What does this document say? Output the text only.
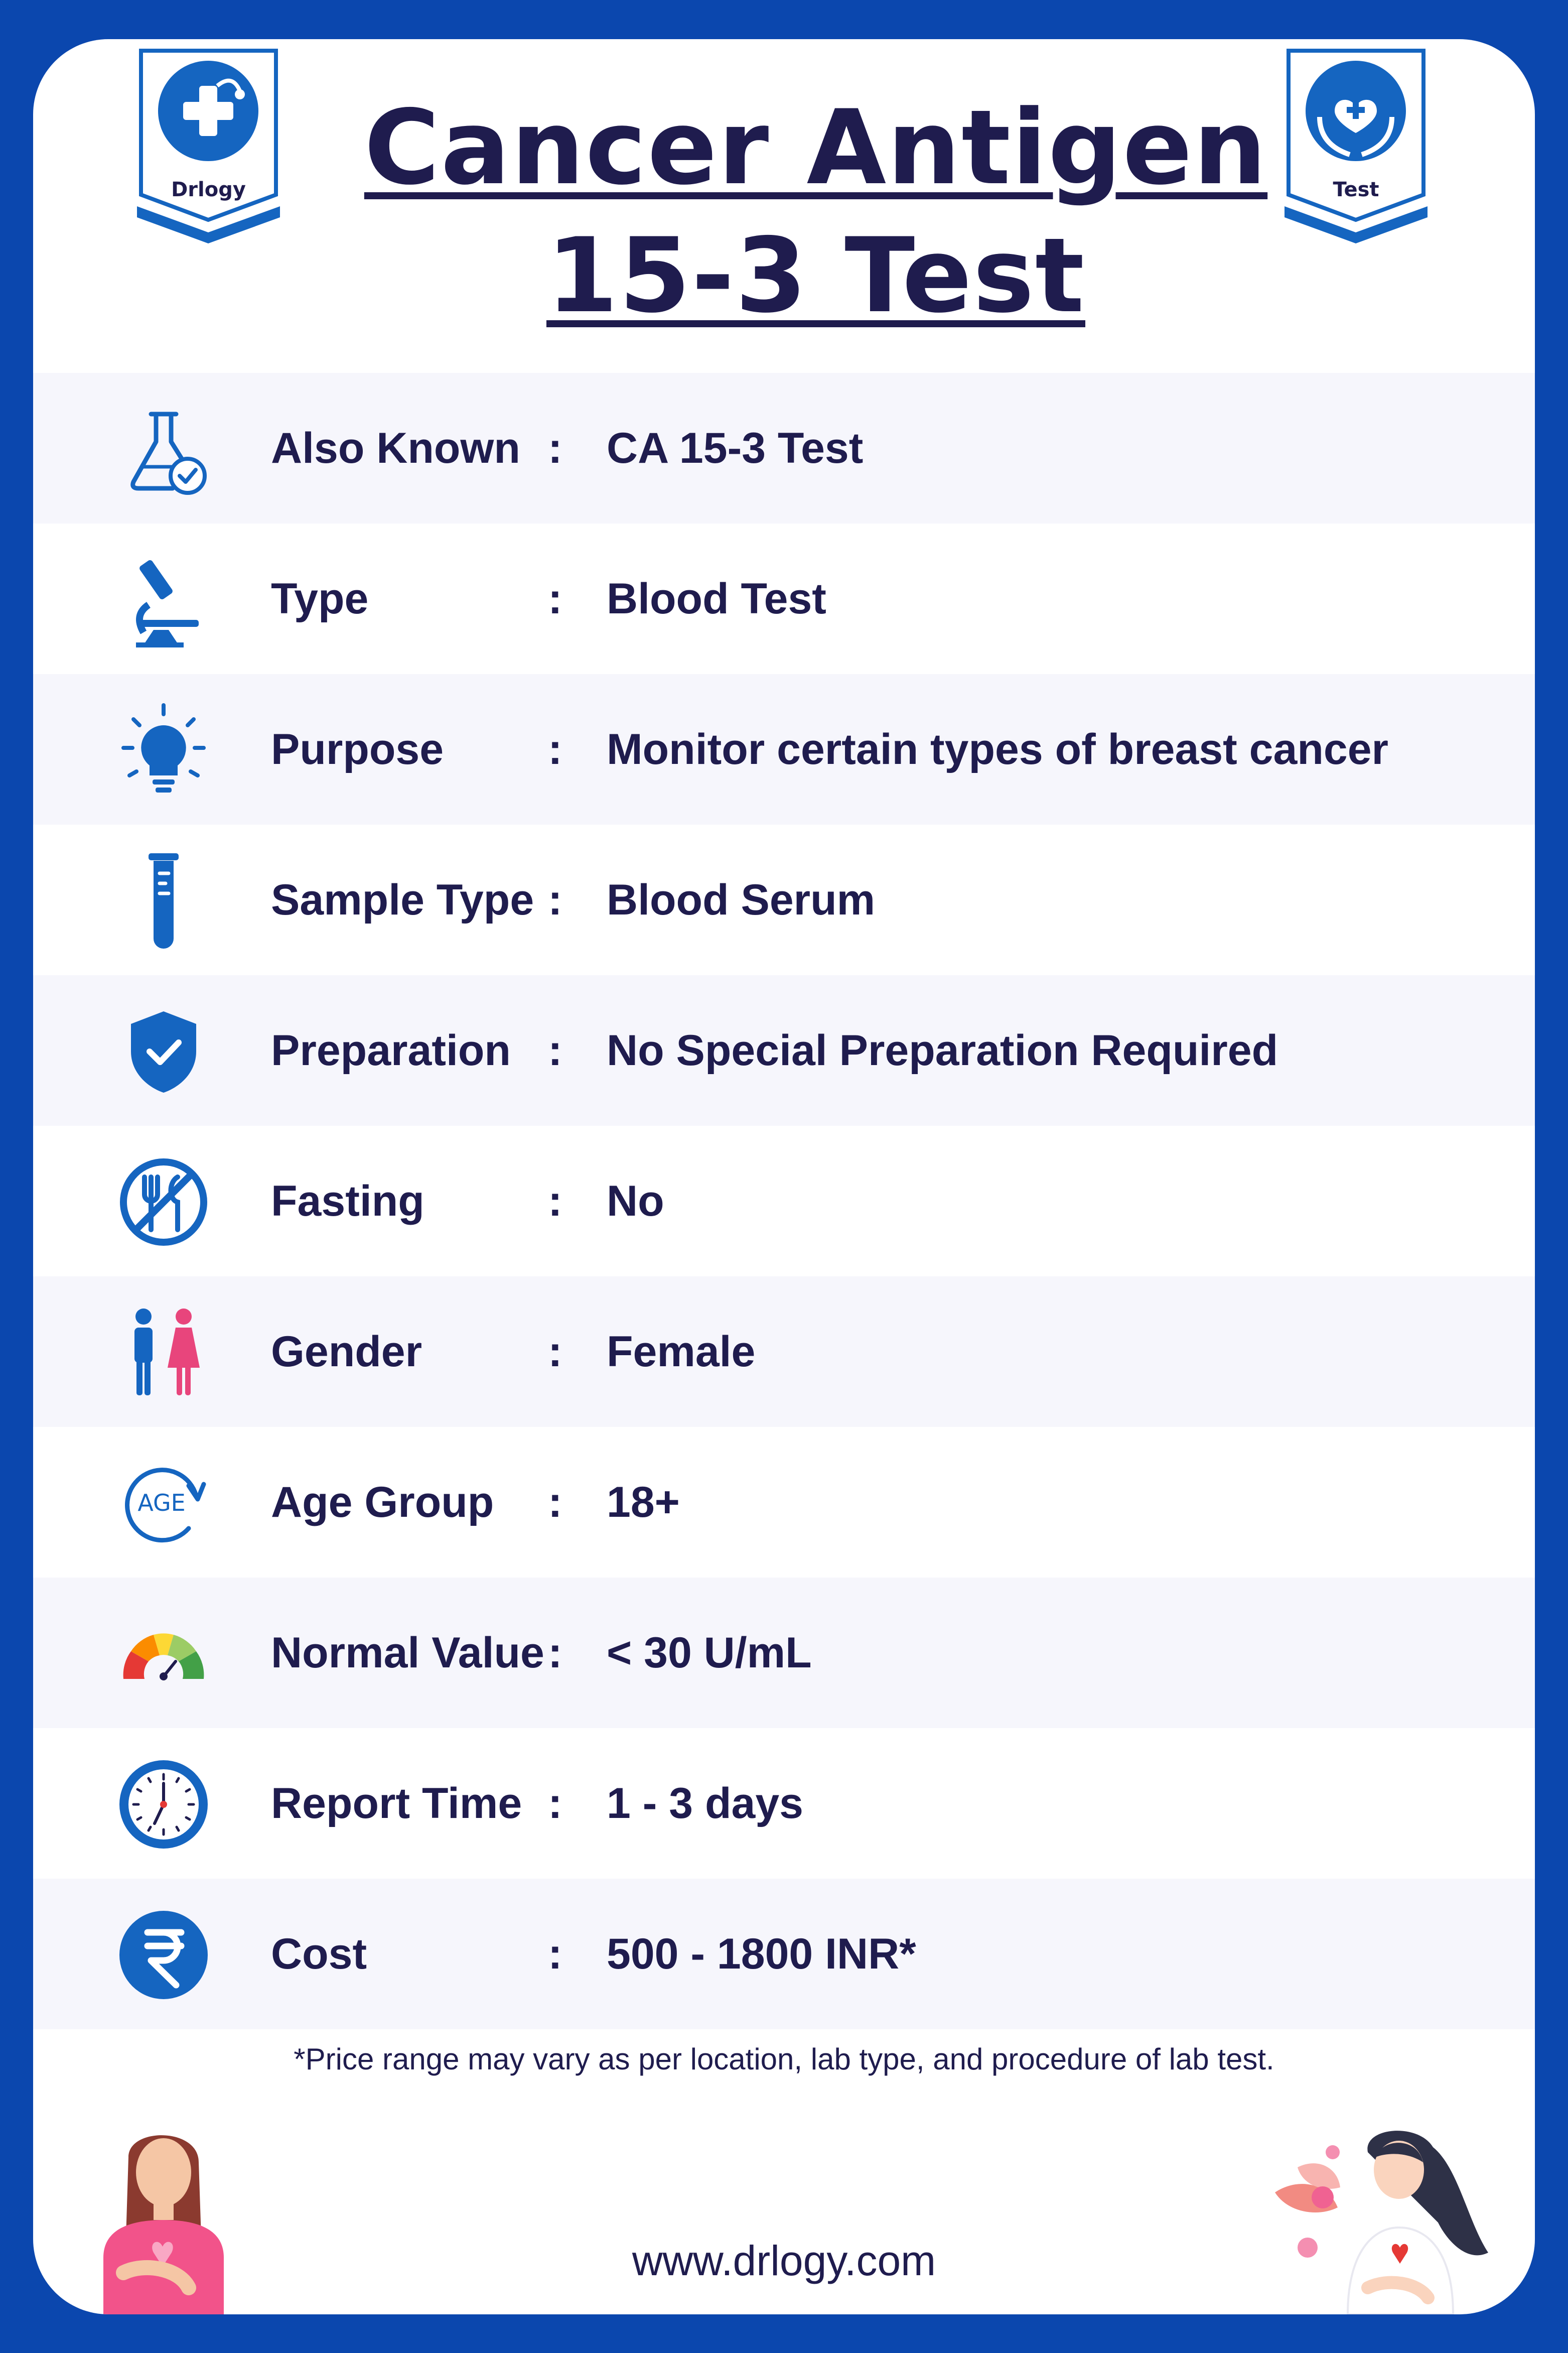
Drlogy	Test
Cancer Antigen
15-3 Test
Also Known : CA 15-3 Test
Type	: Blood Test
Purpose : Monitor certain types of breast cancer
Sample Type : Blood Serum
Preparation : No Special Preparation Required
Fasting	: No
Gender	: Female
AGE Age Group : 18+
Normal Value : < 30 U/mL
Report Time : 1 - 3 days
Cost	: 500 - 1800 INR*
*Price range may vary as per location, lab type, and procedure of lab test.
www.drlogy.com
